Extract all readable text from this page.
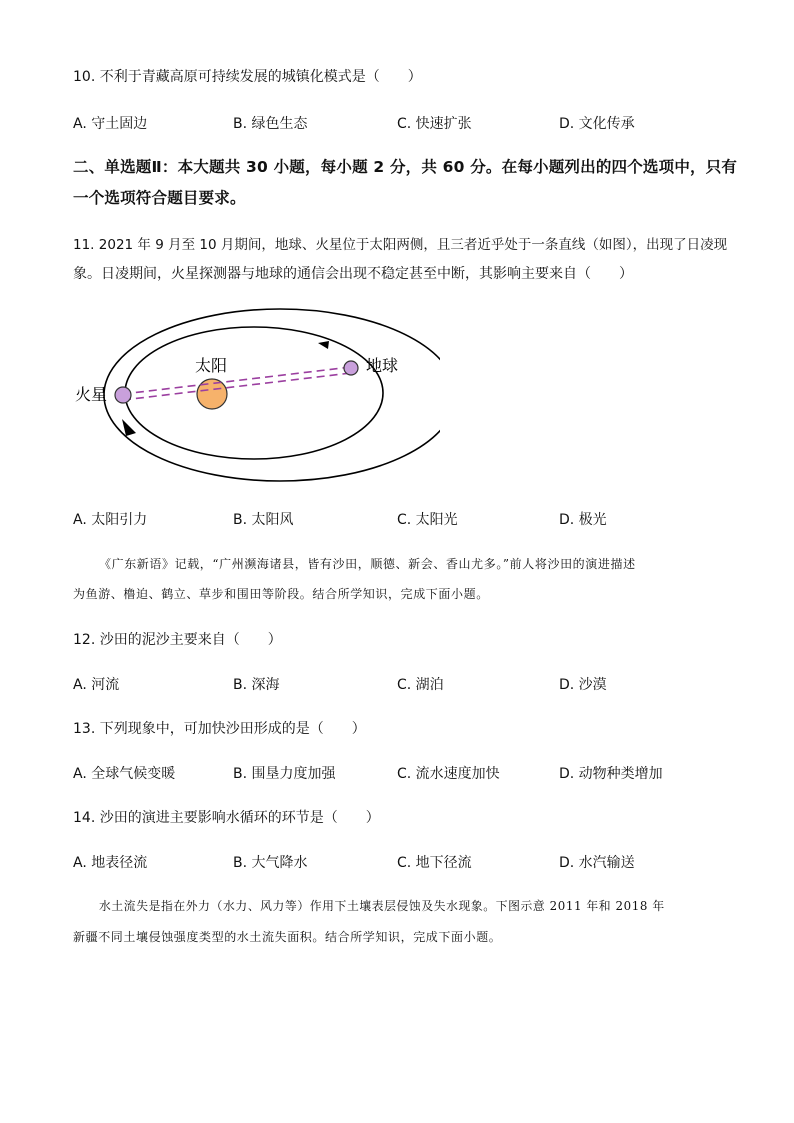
10. 不利于青藏高原可持续发展的城镇化模式是（　　）
A. 守土固边	B. 绿色生态	C. 快速扩张	D. 文化传承
二、单选题Ⅱ：本大题共 30 小题，每小题 2 分，共 60 分。在每小题列出的四个选项中，只有
一个选项符合题目要求。
11. 2021 年 9 月至 10 月期间，地球、火星位于太阳两侧，且三者近乎处于一条直线（如图），出现了日凌现
象。日凌期间，火星探测器与地球的通信会出现不稳定甚至中断，其影响主要来自（　　）
太阳	地球
火星
A. 太阳引力	B. 太阳风	C. 太阳光	D. 极光
《广东新语》记载，“广州濒海诸县，皆有沙田，顺德、新会、香山尤多。”前人将沙田的演进描述
为鱼游、橹迫、鹤立、草步和围田等阶段。结合所学知识，完成下面小题。
12. 沙田的泥沙主要来自（　　）
A. 河流	B. 深海	C. 湖泊	D. 沙漠
13. 下列现象中，可加快沙田形成的是（　　）
A. 全球气候变暖	B. 围垦力度加强	C. 流水速度加快	D. 动物种类增加
14. 沙田的演进主要影响水循环的环节是（　　）
A. 地表径流	B. 大气降水	C. 地下径流	D. 水汽输送
水土流失是指在外力（水力、风力等）作用下土壤表层侵蚀及失水现象。下图示意 2011 年和 2018 年
新疆不同土壤侵蚀强度类型的水土流失面积。结合所学知识，完成下面小题。
